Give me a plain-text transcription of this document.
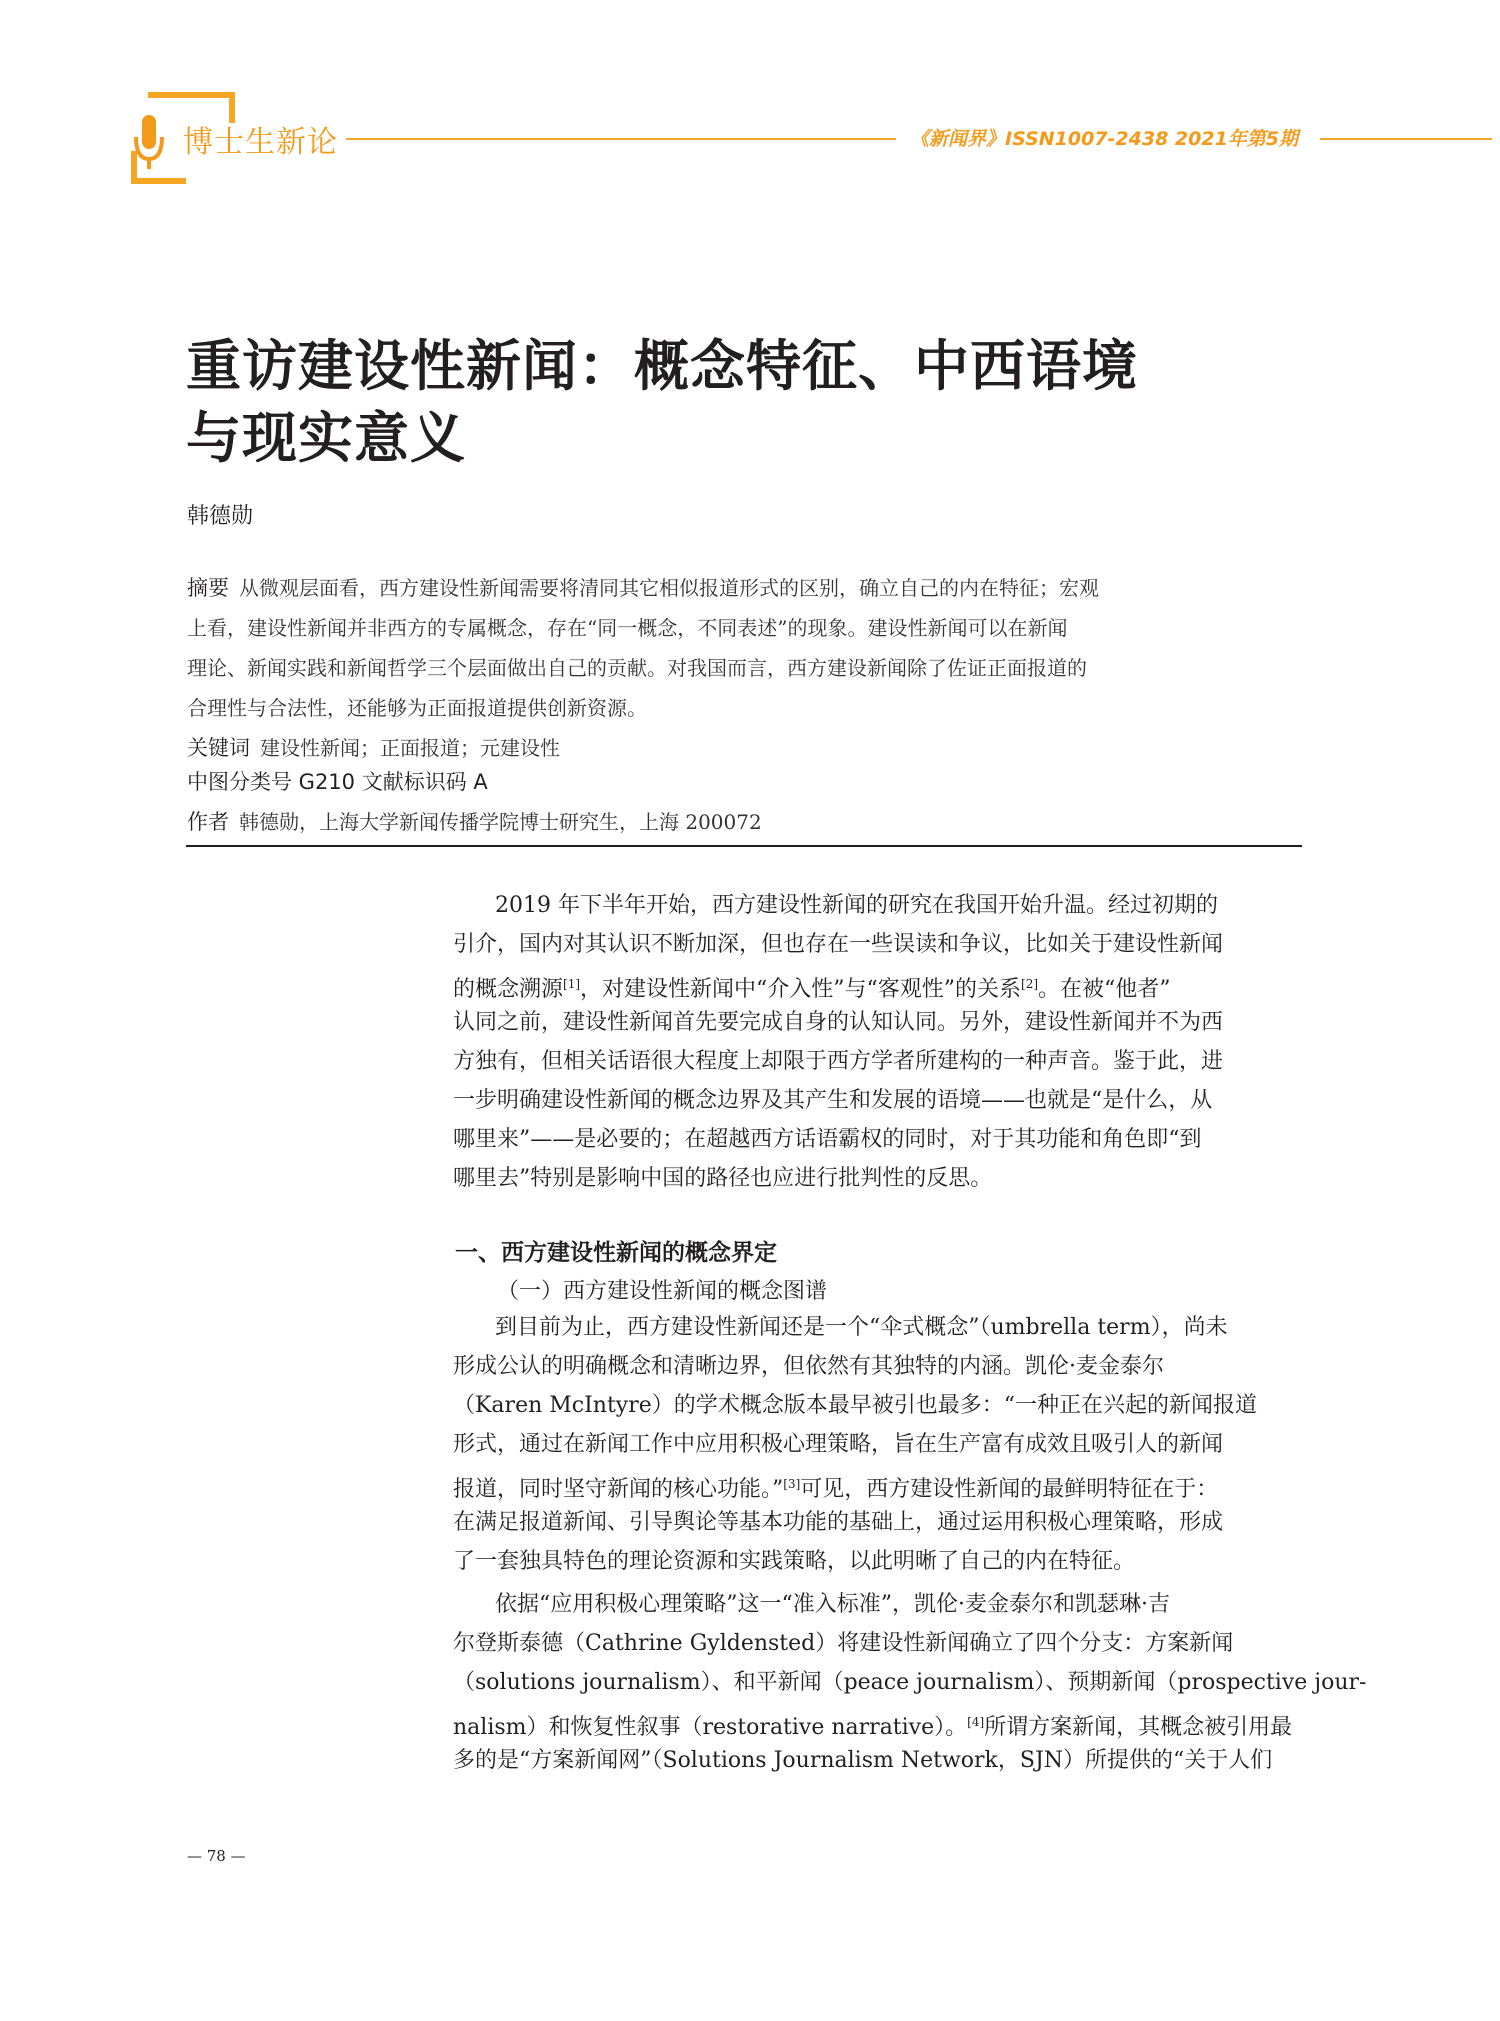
博士生新论	《新闻界》ISSN1007-2438 2021年第5期
重访建设性新闻：概念特征、中西语境
与现实意义
韩德勋
摘要 从微观层面看，西方建设性新闻需要将清同其它相似报道形式的区别，确立自己的内在特征；宏观
上看，建设性新闻并非西方的专属概念，存在“同一概念，不同表述”的现象。建设性新闻可以在新闻
理论、新闻实践和新闻哲学三个层面做出自己的贡献。对我国而言，西方建设新闻除了佐证正面报道的
合理性与合法性，还能够为正面报道提供创新资源。
关键词 建设性新闻；正面报道；元建设性
中图分类号 G210 文献标识码 A
作者 韩德勋，上海大学新闻传播学院博士研究生，上海 200072
2019 年下半年开始，西方建设性新闻的研究在我国开始升温。经过初期的
引介，国内对其认识不断加深，但也存在一些误读和争议，比如关于建设性新闻
的概念溯源[1]，对建设性新闻中“介入性”与“客观性”的关系[2]。在被“他者”
认同之前，建设性新闻首先要完成自身的认知认同。另外，建设性新闻并不为西
方独有，但相关话语很大程度上却限于西方学者所建构的一种声音。鉴于此，进
一步明确建设性新闻的概念边界及其产生和发展的语境——也就是“是什么，从
哪里来”——是必要的；在超越西方话语霸权的同时，对于其功能和角色即“到
哪里去”特别是影响中国的路径也应进行批判性的反思。
一、西方建设性新闻的概念界定
（一）西方建设性新闻的概念图谱
到目前为止，西方建设性新闻还是一个“伞式概念”（umbrella term），尚未
形成公认的明确概念和清晰边界，但依然有其独特的内涵。凯伦·麦金泰尔
（Karen McIntyre）的学术概念版本最早被引也最多：“一种正在兴起的新闻报道
形式，通过在新闻工作中应用积极心理策略，旨在生产富有成效且吸引人的新闻
报道，同时坚守新闻的核心功能。”[3]可见，西方建设性新闻的最鲜明特征在于：
在满足报道新闻、引导舆论等基本功能的基础上，通过运用积极心理策略，形成
了一套独具特色的理论资源和实践策略，以此明晰了自己的内在特征。
依据“应用积极心理策略”这一“准入标准”，凯伦·麦金泰尔和凯瑟琳·吉
尔登斯泰德（Cathrine Gyldensted）将建设性新闻确立了四个分支：方案新闻
（solutions journalism）、和平新闻（peace journalism）、预期新闻（prospective jour-
nalism）和恢复性叙事（restorative narrative）。[4]所谓方案新闻，其概念被引用最
多的是“方案新闻网”（Solutions Journalism Network，SJN）所提供的“关于人们
— 78 —
